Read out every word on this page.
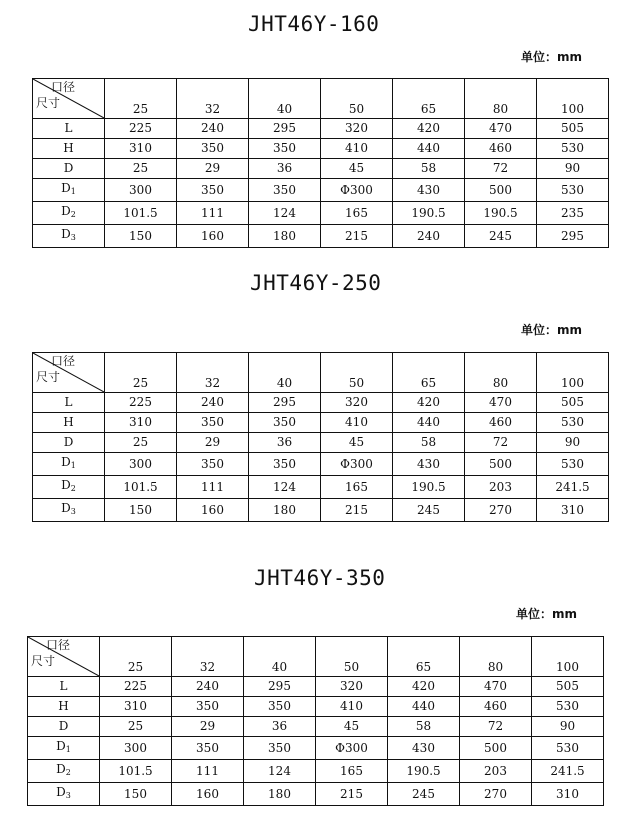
JHT46Y-160
单位：mm
口径
尺寸	25	32	40	50	65	80	100
L	225	240	295	320	420	470	505
H	310	350	350	410	440	460	530
D	25	29	36	45	58	72	90
$D_1$	300	350	350	Φ300	430	500	530
$D_2$	101.5	111	124	165	190.5	190.5	235
$D_3$	150	160	180	215	240	245	295
JHT46Y-250
单位：mm
口径
尺寸	25	32	40	50	65	80	100
L	225	240	295	320	420	470	505
H	310	350	350	410	440	460	530
D	25	29	36	45	58	72	90
$D_1$	300	350	350	Φ300	430	500	530
$D_2$	101.5	111	124	165	190.5	203	241.5
$D_3$	150	160	180	215	245	270	310
JHT46Y-350
单位：mm
口径
尺寸	25	32	40	50	65	80	100
L	225	240	295	320	420	470	505
H	310	350	350	410	440	460	530
D	25	29	36	45	58	72	90
$D_1$	300	350	350	Φ300	430	500	530
$D_2$	101.5	111	124	165	190.5	203	241.5
$D_3$	150	160	180	215	245	270	310
